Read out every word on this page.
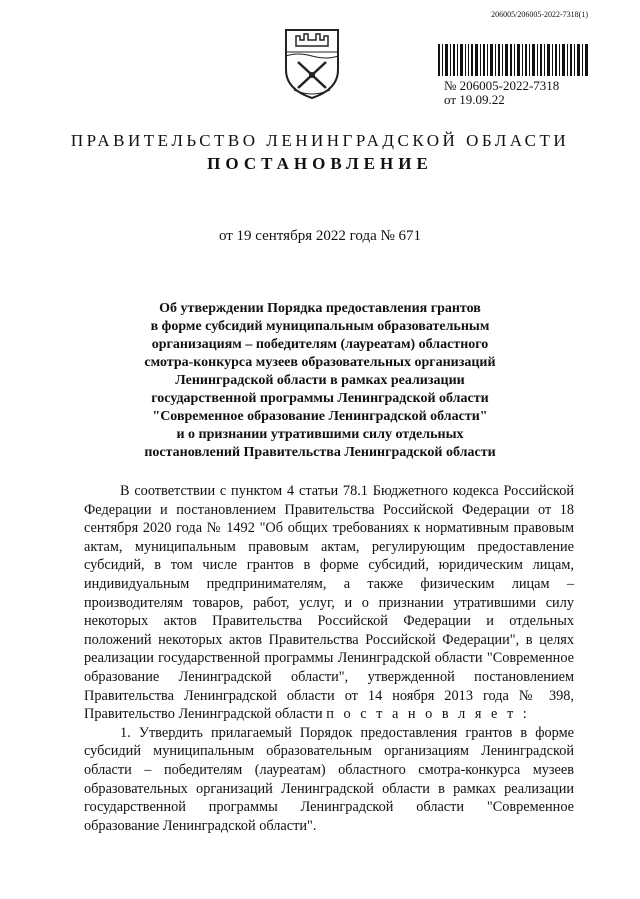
206005/206005-2022-7318(1)
№ 206005-2022-7318
от 19.09.22
ПРАВИТЕЛЬСТВО ЛЕНИНГРАДСКОЙ ОБЛАСТИ
ПОСТАНОВЛЕНИЕ
от 19 сентября 2022 года № 671
Об утверждении Порядка предоставления грантов
в форме субсидий муниципальным образовательным
организациям – победителям (лауреатам) областного
смотра-конкурса музеев образовательных организаций
Ленинградской области в рамках реализации
государственной программы Ленинградской области
"Современное образование Ленинградской области"
и о признании утратившими силу отдельных
постановлений Правительства Ленинградской области

В соответствии с пунктом 4 статьи 78.1 Бюджетного кодекса Российской Федерации и постановлением Правительства Российской Федерации от 18 сентября 2020 года № 1492 "Об общих требованиях к нормативным правовым актам, муниципальным правовым актам, регулирующим предоставление субсидий, в том числе грантов в форме субсидий, юридическим лицам, индивидуальным предпринимателям, а также физическим лицам – производителям товаров, работ, услуг, и о признании утратившими силу некоторых актов Правительства Российской Федерации и отдельных положений некоторых актов Правительства Российской Федерации", в целях реализации государственной программы Ленинградской области "Современное образование Ленинградской области", утвержденной постановлением Правительства Ленинградской области от 14 ноября 2013 года № 398, Правительство Ленинградской области п о с т а н о в л я е т :

1. Утвердить прилагаемый Порядок предоставления грантов в форме субсидий муниципальным образовательным организациям Ленинградской области – победителям (лауреатам) областного смотра-конкурса музеев образовательных организаций Ленинградской области в рамках реализации государственной программы Ленинградской области "Современное образование Ленинградской области".
